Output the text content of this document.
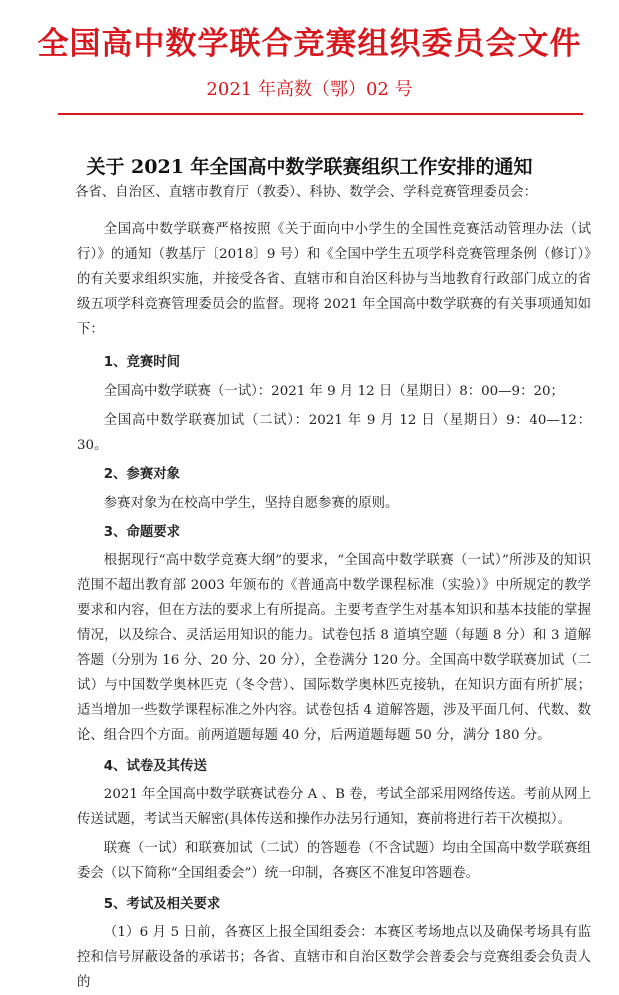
全国高中数学联合竞赛组织委员会文件
2021 年高数（鄂）02 号
关于 2021 年全国高中数学联赛组织工作安排的通知

各省、自治区、直辖市教育厅（教委）、科协、数学会、学科竞赛管理委员会：

全国高中数学联赛严格按照《关于面向中小学生的全国性竞赛活动管理办法（试行）》的通知（教基厅〔2018〕9 号）和《全国中学生五项学科竞赛管理条例（修订）》的有关要求组织实施，并接受各省、直辖市和自治区科协与当地教育行政部门成立的省级五项学科竞赛管理委员会的监督。现将 2021 年全国高中数学联赛的有关事项通知如下：

1、竞赛时间

全国高中数学联赛（一试）：2021 年 9 月 12 日（星期日）8：00—9：20；

全国高中数学联赛加试（二试）：2021 年 9 月 12 日（星期日）9：40—12：30。

2、参赛对象

参赛对象为在校高中学生，坚持自愿参赛的原则。

3、命题要求

根据现行“高中数学竞赛大纲”的要求，“全国高中数学联赛（一试）”所涉及的知识范围不超出教育部 2003 年颁布的《普通高中数学课程标准（实验）》中所规定的教学要求和内容，但在方法的要求上有所提高。主要考查学生对基本知识和基本技能的掌握情况，以及综合、灵活运用知识的能力。试卷包括 8 道填空题（每题 8 分）和 3 道解答题（分别为 16 分、20 分、20 分），全卷满分 120 分。全国高中数学联赛加试（二试）与中国数学奥林匹克（冬令营）、国际数学奥林匹克接轨，在知识方面有所扩展；适当增加一些数学课程标准之外内容。试卷包括 4 道解答题，涉及平面几何、代数、数论、组合四个方面。前两道题每题 40 分，后两道题每题 50 分，满分 180 分。

4、试卷及其传送

2021 年全国高中数学联赛试卷分 A 、B 卷，考试全部采用网络传送。考前从网上传送试题，考试当天解密(具体传送和操作办法另行通知，赛前将进行若干次模拟）。

联赛（一试）和联赛加试（二试）的答题卷（不含试题）均由全国高中数学联赛组委会（以下简称“全国组委会”）统一印制，各赛区不准复印答题卷。

5、考试及相关要求

（1）6 月 5 日前，各赛区上报全国组委会：本赛区考场地点以及确保考场具有监控和信号屏蔽设备的承诺书；各省、直辖市和自治区数学会普委会与竞赛组委会负责人的
